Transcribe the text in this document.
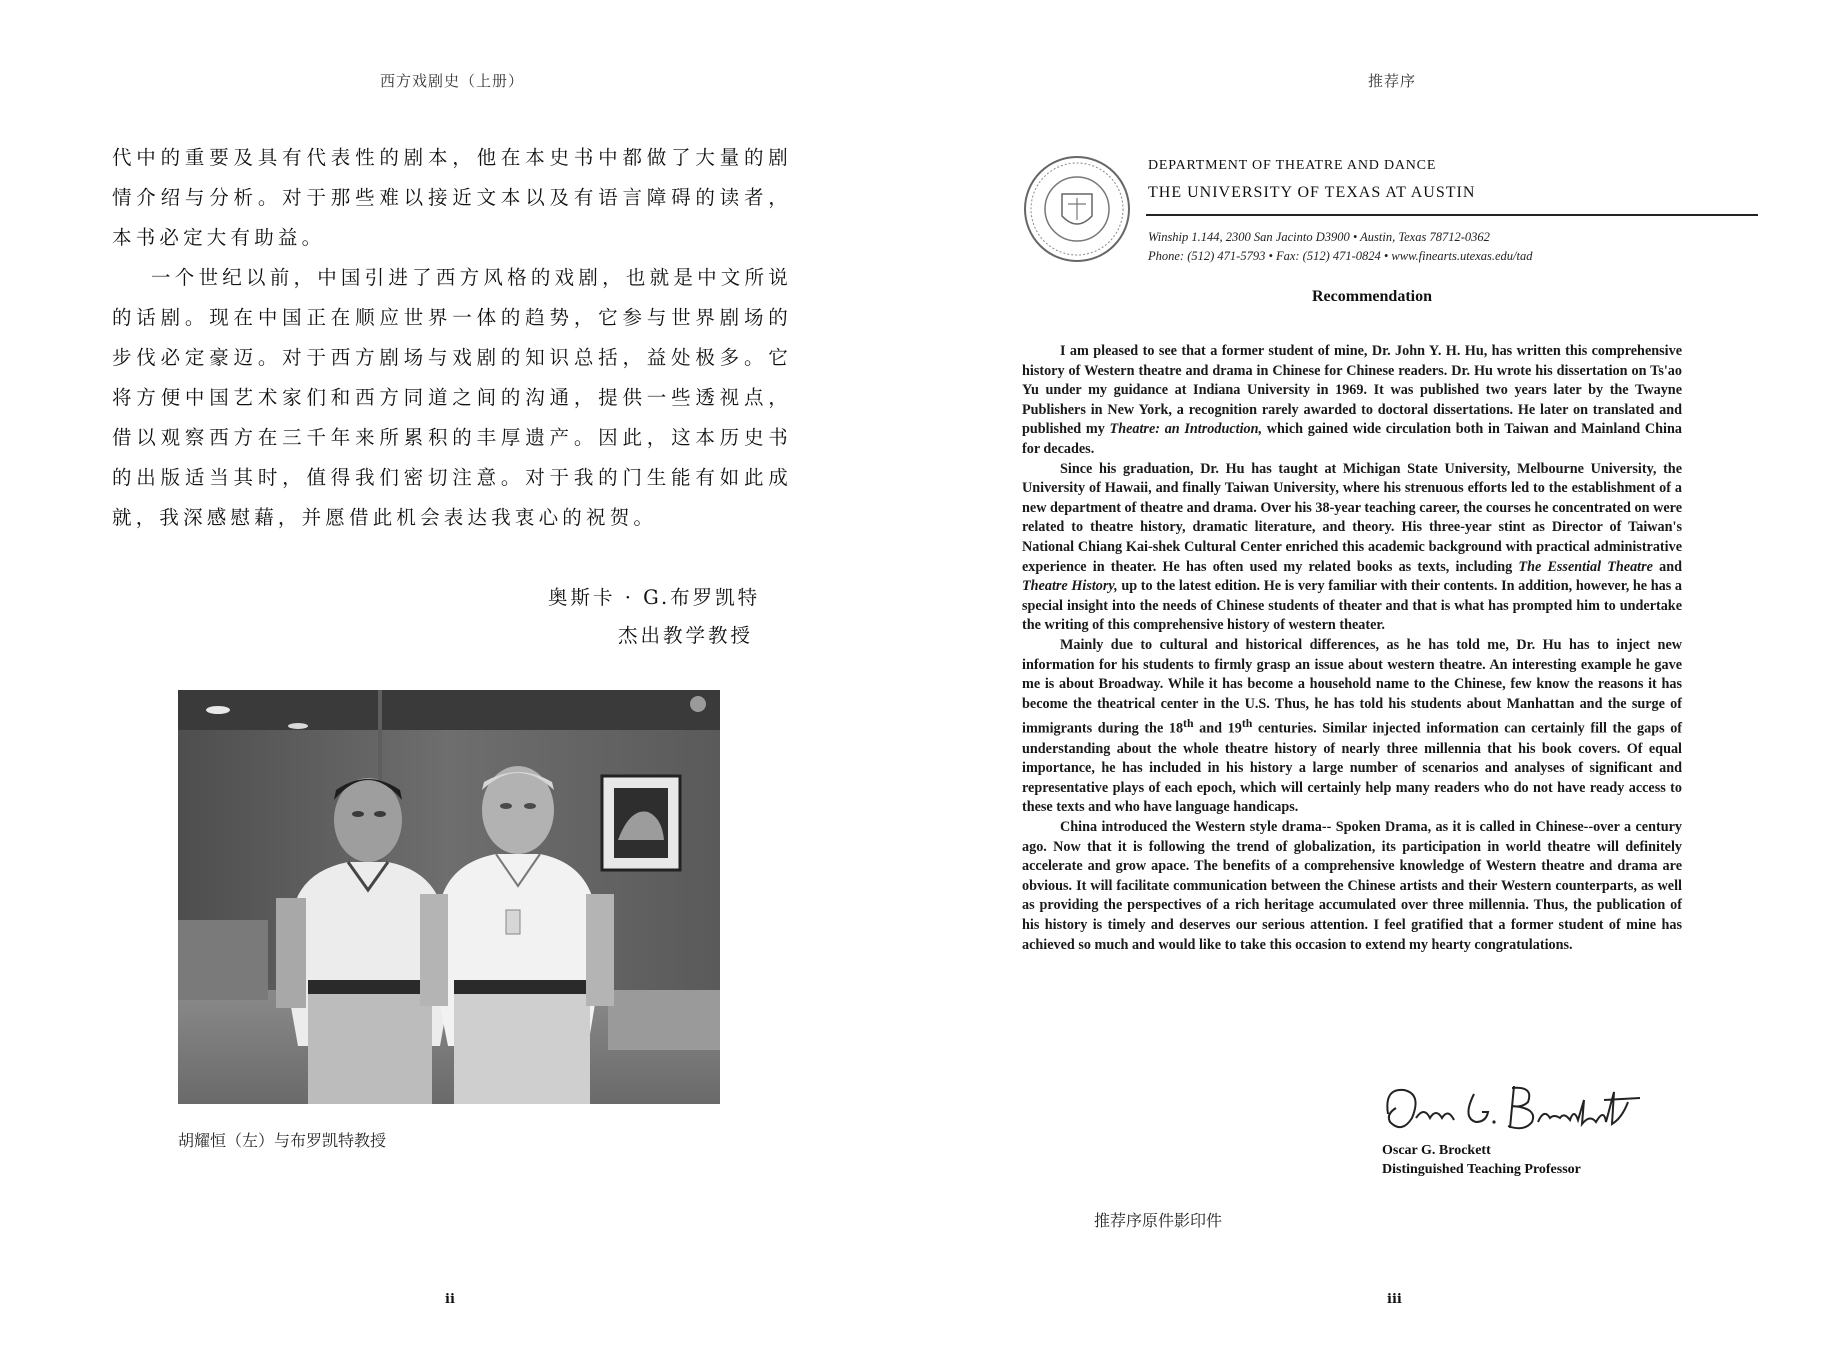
西方戏剧史（上册）

代中的重要及具有代表性的剧本，他在本史书中都做了大量的剧情介绍与分析。对于那些难以接近文本以及有语言障碍的读者，本书必定大有助益。

一个世纪以前，中国引进了西方风格的戏剧，也就是中文所说的话剧。现在中国正在顺应世界一体的趋势，它参与世界剧场的步伐必定豪迈。对于西方剧场与戏剧的知识总括，益处极多。它将方便中国艺术家们和西方同道之间的沟通，提供一些透视点，借以观察西方在三千年来所累积的丰厚遗产。因此，这本历史书的出版适当其时，值得我们密切注意。对于我的门生能有如此成就，我深感慰藉，并愿借此机会表达我衷心的祝贺。

奥斯卡 · G.布罗凯特
杰出教学教授
胡耀恒（左）与布罗凯特教授
ii
推荐序
DEPARTMENT OF THEATRE AND DANCE
THE UNIVERSITY OF TEXAS AT AUSTIN
Winship 1.144, 2300 San Jacinto D3900 • Austin, Texas 78712-0362
Phone: (512) 471-5793 • Fax: (512) 471-0824 • www.finearts.utexas.edu/tad
Recommendation

I am pleased to see that a former student of mine, Dr. John Y. H. Hu, has written this comprehensive history of Western theatre and drama in Chinese for Chinese readers. Dr. Hu wrote his dissertation on Ts'ao Yu under my guidance at Indiana University in 1969. It was published two years later by the Twayne Publishers in New York, a recognition rarely awarded to doctoral dissertations. He later on translated and published my Theatre: an Introduction, which gained wide circulation both in Taiwan and Mainland China for decades.

Since his graduation, Dr. Hu has taught at Michigan State University, Melbourne University, the University of Hawaii, and finally Taiwan University, where his strenuous efforts led to the establishment of a new department of theatre and drama. Over his 38-year teaching career, the courses he concentrated on were related to theatre history, dramatic literature, and theory. His three-year stint as Director of Taiwan's National Chiang Kai-shek Cultural Center enriched this academic background with practical administrative experience in theater. He has often used my related books as texts, including The Essential Theatre and Theatre History, up to the latest edition. He is very familiar with their contents. In addition, however, he has a special insight into the needs of Chinese students of theater and that is what has prompted him to undertake the writing of this comprehensive history of western theater.

Mainly due to cultural and historical differences, as he has told me, Dr. Hu has to inject new information for his students to firmly grasp an issue about western theatre. An interesting example he gave me is about Broadway. While it has become a household name to the Chinese, few know the reasons it has become the theatrical center in the U.S. Thus, he has told his students about Manhattan and the surge of immigrants during the 18th and 19th centuries. Similar injected information can certainly fill the gaps of understanding about the whole theatre history of nearly three millennia that his book covers. Of equal importance, he has included in his history a large number of scenarios and analyses of significant and representative plays of each epoch, which will certainly help many readers who do not have ready access to these texts and who have language handicaps.

China introduced the Western style drama-- Spoken Drama, as it is called in Chinese--over a century ago. Now that it is following the trend of globalization, its participation in world theatre will definitely accelerate and grow apace. The benefits of a comprehensive knowledge of Western theatre and drama are obvious. It will facilitate communication between the Chinese artists and their Western counterparts, as well as providing the perspectives of a rich heritage accumulated over three millennia. Thus, the publication of his history is timely and deserves our serious attention. I feel gratified that a former student of mine has achieved so much and would like to take this occasion to extend my hearty congratulations.

Oscar G. Brockett
Distinguished Teaching Professor
推荐序原件影印件
iii
